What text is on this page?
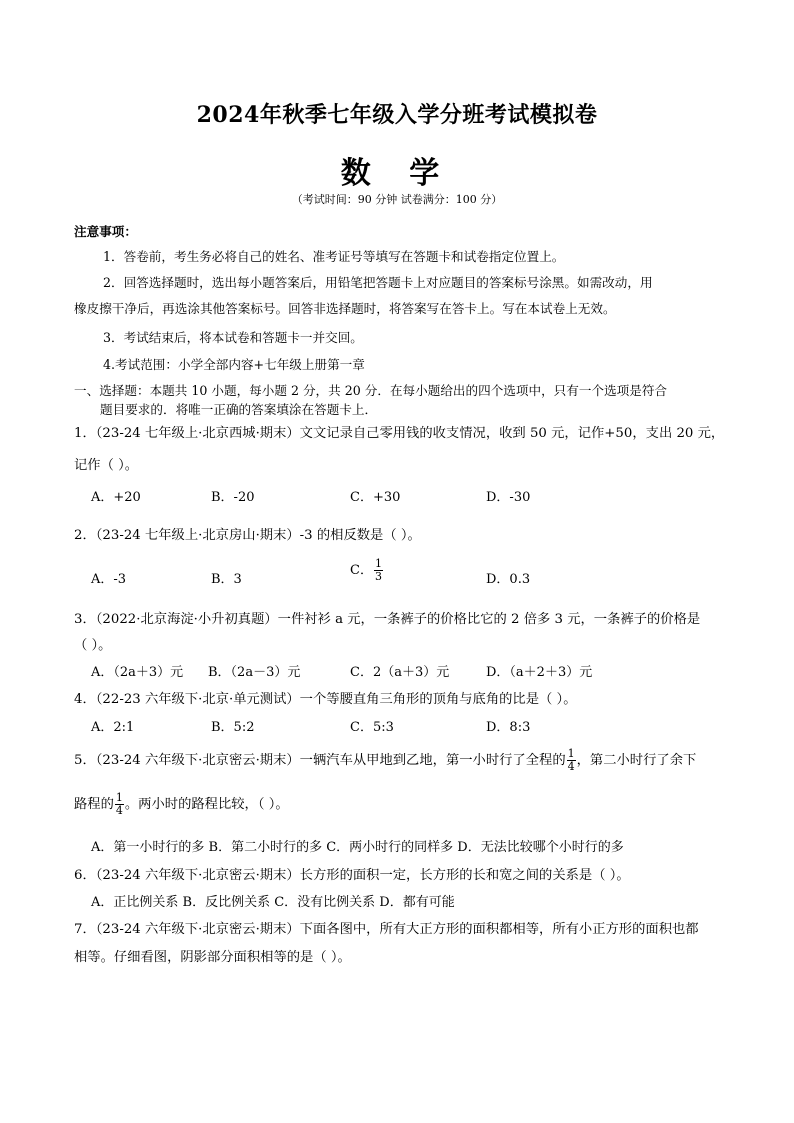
2024年秋季七年级入学分班考试模拟卷
数 学
（考试时间：90 分钟 试卷满分：100 分）
注意事项：
1．答卷前，考生务必将自己的姓名、准考证号等填写在答题卡和试卷指定位置上。
2．回答选择题时，选出每小题答案后，用铅笔把答题卡上对应题目的答案标号涂黑。如需改动，用
橡皮擦干净后，再选涂其他答案标号。回答非选择题时，将答案写在答卡上。写在本试卷上无效。
3．考试结束后，将本试卷和答题卡一并交回。
4.考试范围：小学全部内容+七年级上册第一章
一、选择题：本题共 10 小题，每小题 2 分，共 20 分．在每小题给出的四个选项中，只有一个选项是符合
题目要求的．将唯一正确的答案填涂在答题卡上．
1．（23-24 七年级上·北京西城·期末）文文记录自己零用钱的收支情况，收到 50 元，记作+50，支出 20 元，
记作（ ）。
A．+20	B．-20	C．+30	D．-30
2．（23-24 七年级上·北京房山·期末）-3 的相反数是（ ）。
A．-3	B．3
C． $\frac{1}{3}$	D．0.3
3．（2022·北京海淀·小升初真题）一件衬衫 a 元，一条裤子的价格比它的 2 倍多 3 元，一条裤子的价格是
（ ）。
A．（2a＋3）元 B．（2a－3）元	C．2（a＋3）元	D．（a＋2＋3）元
4．（22-23 六年级下·北京·单元测试）一个等腰直角三角形的顶角与底角的比是（ ）。
A．2:1	B．5:2	C．5:3	D．8:3
5．（23-24 六年级下·北京密云·期末）一辆汽车从甲地到乙地，第一小时行了全程的 $\frac{1}{4}$ ，第二小时行了余下
路程的 $\frac{1}{4}$ 。两小时的路程比较，（ ）。
A．第一小时行的多 B．第二小时行的多 C．两小时行的同样多 D．无法比较哪个小时行的多
6．（23-24 六年级下·北京密云·期末）长方形的面积一定，长方形的长和宽之间的关系是（ ）。
A．正比例关系 B．反比例关系 C．没有比例关系 D．都有可能
7．（23-24 六年级下·北京密云·期末）下面各图中，所有大正方形的面积都相等，所有小正方形的面积也都
相等。仔细看图，阴影部分面积相等的是（ ）。
